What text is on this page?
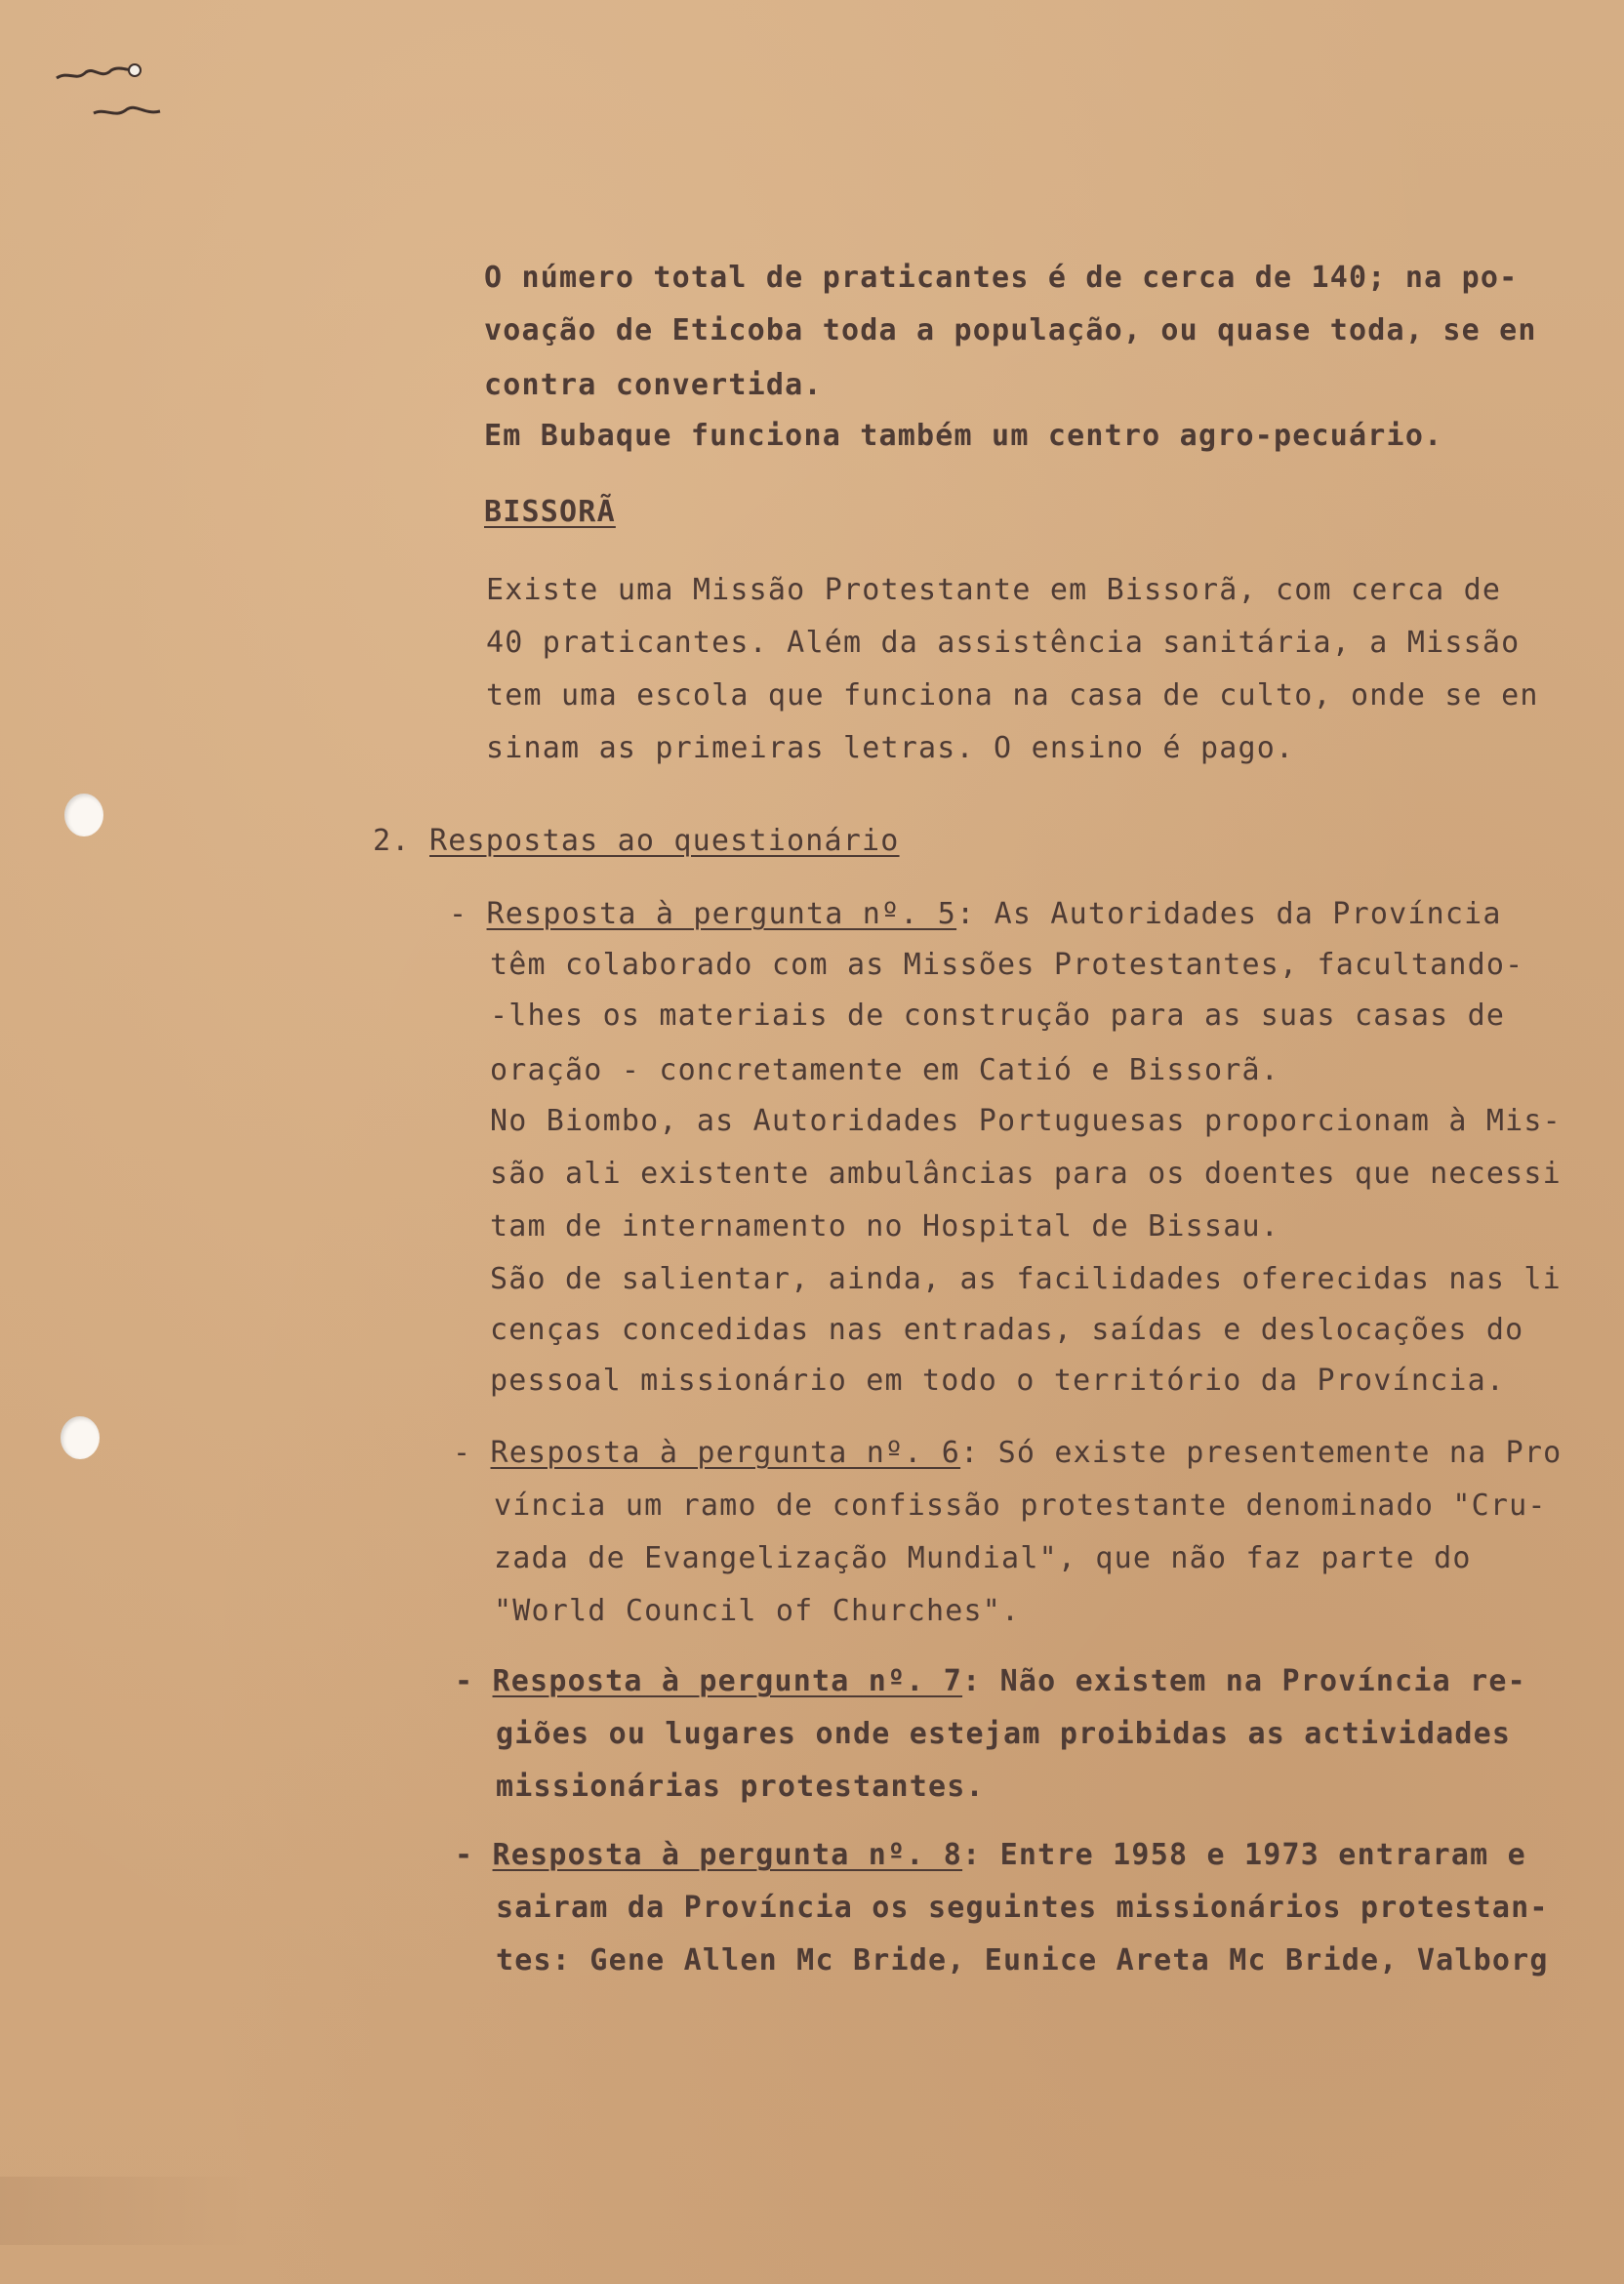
O número total de praticantes é de cerca de 140; na po-
voação de Eticoba toda a população, ou quase toda, se en
contra convertida.
Em Bubaque funciona também um centro agro-pecuário.
BISSORÃ
Existe uma Missão Protestante em Bissorã, com cerca de
40 praticantes. Além da assistência sanitária, a Missão
tem uma escola que funciona na casa de culto, onde se en
sinam as primeiras letras. O ensino é pago.
2. Respostas ao questionário
- Resposta à pergunta nº. 5: As Autoridades da Província
têm colaborado com as Missões Protestantes, facultando-
-lhes os materiais de construção para as suas casas de
oração - concretamente em Catió e Bissorã.
No Biombo, as Autoridades Portuguesas proporcionam à Mis-
são ali existente ambulâncias para os doentes que necessi
tam de internamento no Hospital de Bissau.
São de salientar, ainda, as facilidades oferecidas nas li
cenças concedidas nas entradas, saídas e deslocações do
pessoal missionário em todo o território da Província.
- Resposta à pergunta nº. 6: Só existe presentemente na Pro
víncia um ramo de confissão protestante denominado "Cru-
zada de Evangelização Mundial", que não faz parte do
"World Council of Churches".
- Resposta à pergunta nº. 7: Não existem na Província re-
giões ou lugares onde estejam proibidas as actividades
missionárias protestantes.
- Resposta à pergunta nº. 8: Entre 1958 e 1973 entraram e
sairam da Província os seguintes missionários protestan-
tes: Gene Allen Mc Bride, Eunice Areta Mc Bride, Valborg
